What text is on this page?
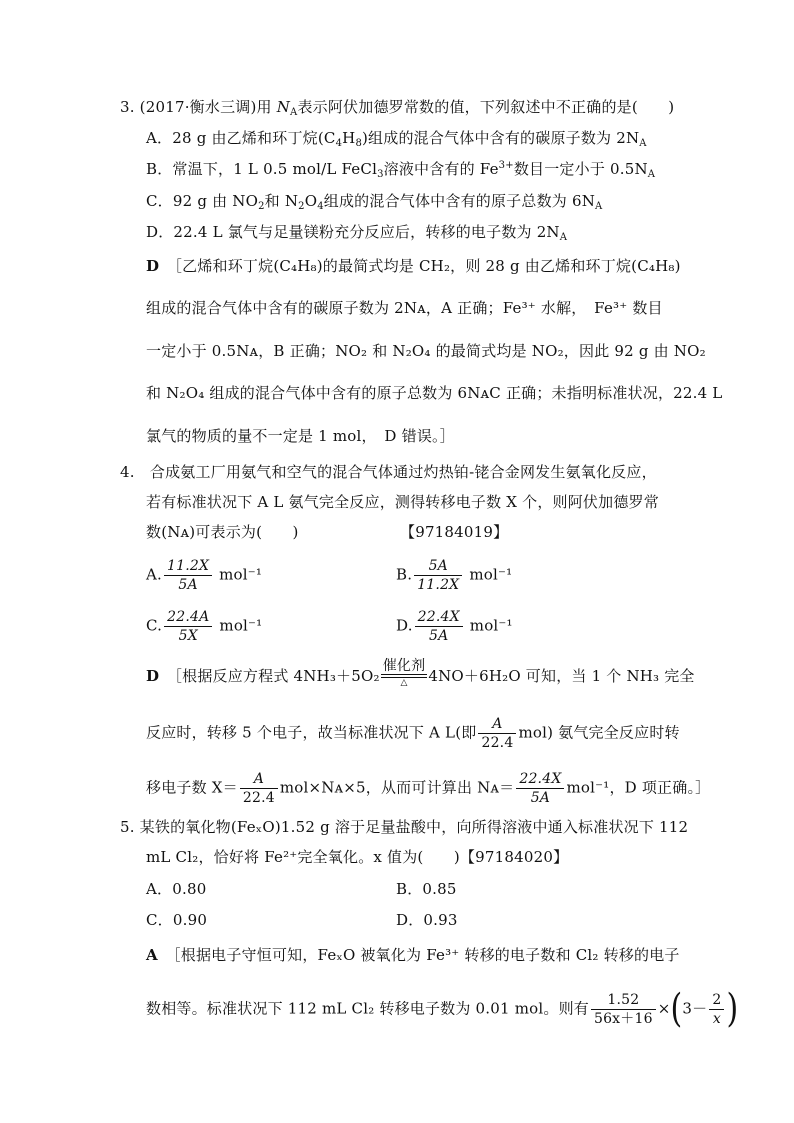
3. (2017·衡水三调)用 $N_A$表示阿伏加德罗常数的值，下列叙述中不正确的是(　　)
A．28 g 由乙烯和环丁烷$(C_4H_8)$组成的混合气体中含有的碳原子数为 $2N_A$
B．常温下，1 L 0.5 mol/L FeCl$_3$溶液中含有的 $Fe^{3+}$数目一定小于 $0.5N_A$
C．92 g 由 $NO_2$和 $N_2O_4$组成的混合气体中含有的原子总数为 $6N_A$
D．22.4 L 氯气与足量镁粉充分反应后，转移的电子数为 $2N_A$
D　 ［乙烯和环丁烷(C₄H₈)的最简式均是 CH₂，则 28 g 由乙烯和环丁烷(C₄H₈)
组成的混合气体中含有的碳原子数为 2Nᴀ，A 正确；Fe³⁺ 水解，　Fe³⁺ 数目
一定小于 0.5Nᴀ，B 正确；NO₂ 和 N₂O₄ 的最简式均是 NO₂，因此 92 g 由 NO₂
和 N₂O₄ 组成的混合气体中含有的原子总数为 6NᴀC 正确；未指明标准状况，22.4 L
氯气的物质的量不一定是 1 mol，　D 错误。］
4.　合成氨工厂用氨气和空气的混合气体通过灼热铂-铑合金网发生氨氧化反应，
若有标准状况下 A L 氨气完全反应，测得转移电子数 X 个，则阿伏加德罗常
数(Nᴀ)可表示为(　　)	【97184019】
A. $\frac{11.2X}{5A} mol^{-1}$	B. $\frac{5A}{11.2X} mol^{-1}$
C. $\frac{22.4A}{5X} mol^{-1}$	D. $\frac{22.4X}{5A} mol^{-1}$
D　 ［根据反应方程式 4NH₃＋5O₂
催化剂
△	4NO＋6H₂O 可知，当 1 个 NH₃ 完全
反应时，转移 5 个电子，故当标准状况下 A L(即 $\frac{A}{22.4} mol$) 氨气完全反应时转
移电子数 $X= \frac{A}{22.4}$ mol×Nᴀ×5，从而可计算出 Nᴀ＝ $\frac{22.4X}{5A} mol^{-1}$，D 项正确。］
5. 某铁的氧化物(FeₓO)1.52 g 溶于足量盐酸中，向所得溶液中通入标准状况下 112
mL Cl₂，恰好将 Fe²⁺完全氧化。x 值为(　　)【97184020】
A．0.80	B．0.85
C．0.90	D．0.93
A　 ［根据电子守恒可知，FeₓO 被氧化为 Fe³⁺ 转移的电子数和 Cl₂ 转移的电子
数相等。标准状况下 112 mL Cl₂ 转移电子数为 0.01 mol。则有 $\frac{1.52}{56x+16} \times(3- \frac{2}{x}$ )
